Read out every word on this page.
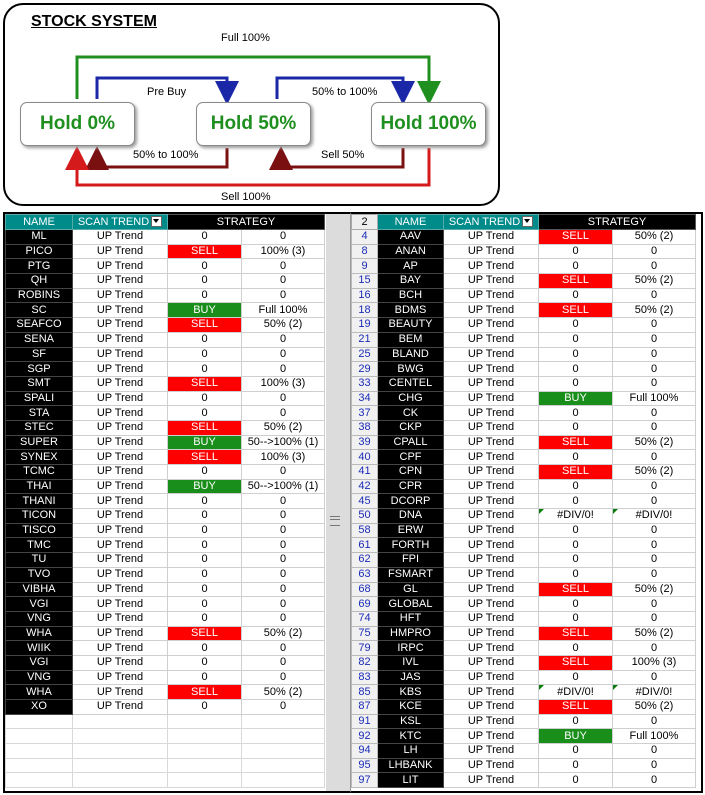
STOCK SYSTEM
Hold 0%	Hold 50%	Hold 100%
Full 100%
Pre Buy	50% to 100%
50% to 100%	Sell 50%
Sell 100%
NAME	SCAN TREND	STRATEGY	
ML	UP Trend	0	0
PICO	UP Trend	SELL	100% (3)
PTG	UP Trend	0	0
QH	UP Trend	0	0
ROBINS	UP Trend	0	0
SC	UP Trend	BUY	Full 100%
SEAFCO	UP Trend	SELL	50% (2)
SENA	UP Trend	0	0
SF	UP Trend	0	0
SGP	UP Trend	0	0
SMT	UP Trend	SELL	100% (3)
SPALI	UP Trend	0	0
STA	UP Trend	0	0
STEC	UP Trend	SELL	50% (2)
SUPER	UP Trend	BUY	50-->100% (1)
SYNEX	UP Trend	SELL	100% (3)
TCMC	UP Trend	0	0
THAI	UP Trend	BUY	50-->100% (1)
THANI	UP Trend	0	0
TICON	UP Trend	0	0
TISCO	UP Trend	0	0
TMC	UP Trend	0	0
TU	UP Trend	0	0
TVO	UP Trend	0	0
VIBHA	UP Trend	0	0
VGI	UP Trend	0	0
VNG	UP Trend	0	0
WHA	UP Trend	SELL	50% (2)
WIIK	UP Trend	0	0
VGI	UP Trend	0	0
VNG	UP Trend	0	0
WHA	UP Trend	SELL	50% (2)
XO	UP Trend	0	0

2	NAME	SCAN TREND	STRATEGY	
4	AAV	UP Trend	SELL	50% (2)
8	ANAN	UP Trend	0	0
9	AP	UP Trend	0	0
15	BAY	UP Trend	SELL	50% (2)
16	BCH	UP Trend	0	0
18	BDMS	UP Trend	SELL	50% (2)
19	BEAUTY	UP Trend	0	0
21	BEM	UP Trend	0	0
25	BLAND	UP Trend	0	0
29	BWG	UP Trend	0	0
33	CENTEL	UP Trend	0	0
34	CHG	UP Trend	BUY	Full 100%
37	CK	UP Trend	0	0
38	CKP	UP Trend	0	0
39	CPALL	UP Trend	SELL	50% (2)
40	CPF	UP Trend	0	0
41	CPN	UP Trend	SELL	50% (2)
42	CPR	UP Trend	0	0
45	DCORP	UP Trend	0	0
50	DNA	UP Trend	#DIV/0!	#DIV/0!
58	ERW	UP Trend	0	0
61	FORTH	UP Trend	0	0
62	FPI	UP Trend	0	0
63	FSMART	UP Trend	0	0
68	GL	UP Trend	SELL	50% (2)
69	GLOBAL	UP Trend	0	0
74	HFT	UP Trend	0	0
75	HMPRO	UP Trend	SELL	50% (2)
79	IRPC	UP Trend	0	0
82	IVL	UP Trend	SELL	100% (3)
83	JAS	UP Trend	0	0
85	KBS	UP Trend	#DIV/0!	#DIV/0!
87	KCE	UP Trend	SELL	50% (2)
91	KSL	UP Trend	0	0
92	KTC	UP Trend	BUY	Full 100%
94	LH	UP Trend	0	0
95	LHBANK	UP Trend	0	0
97	LIT	UP Trend	0	0
